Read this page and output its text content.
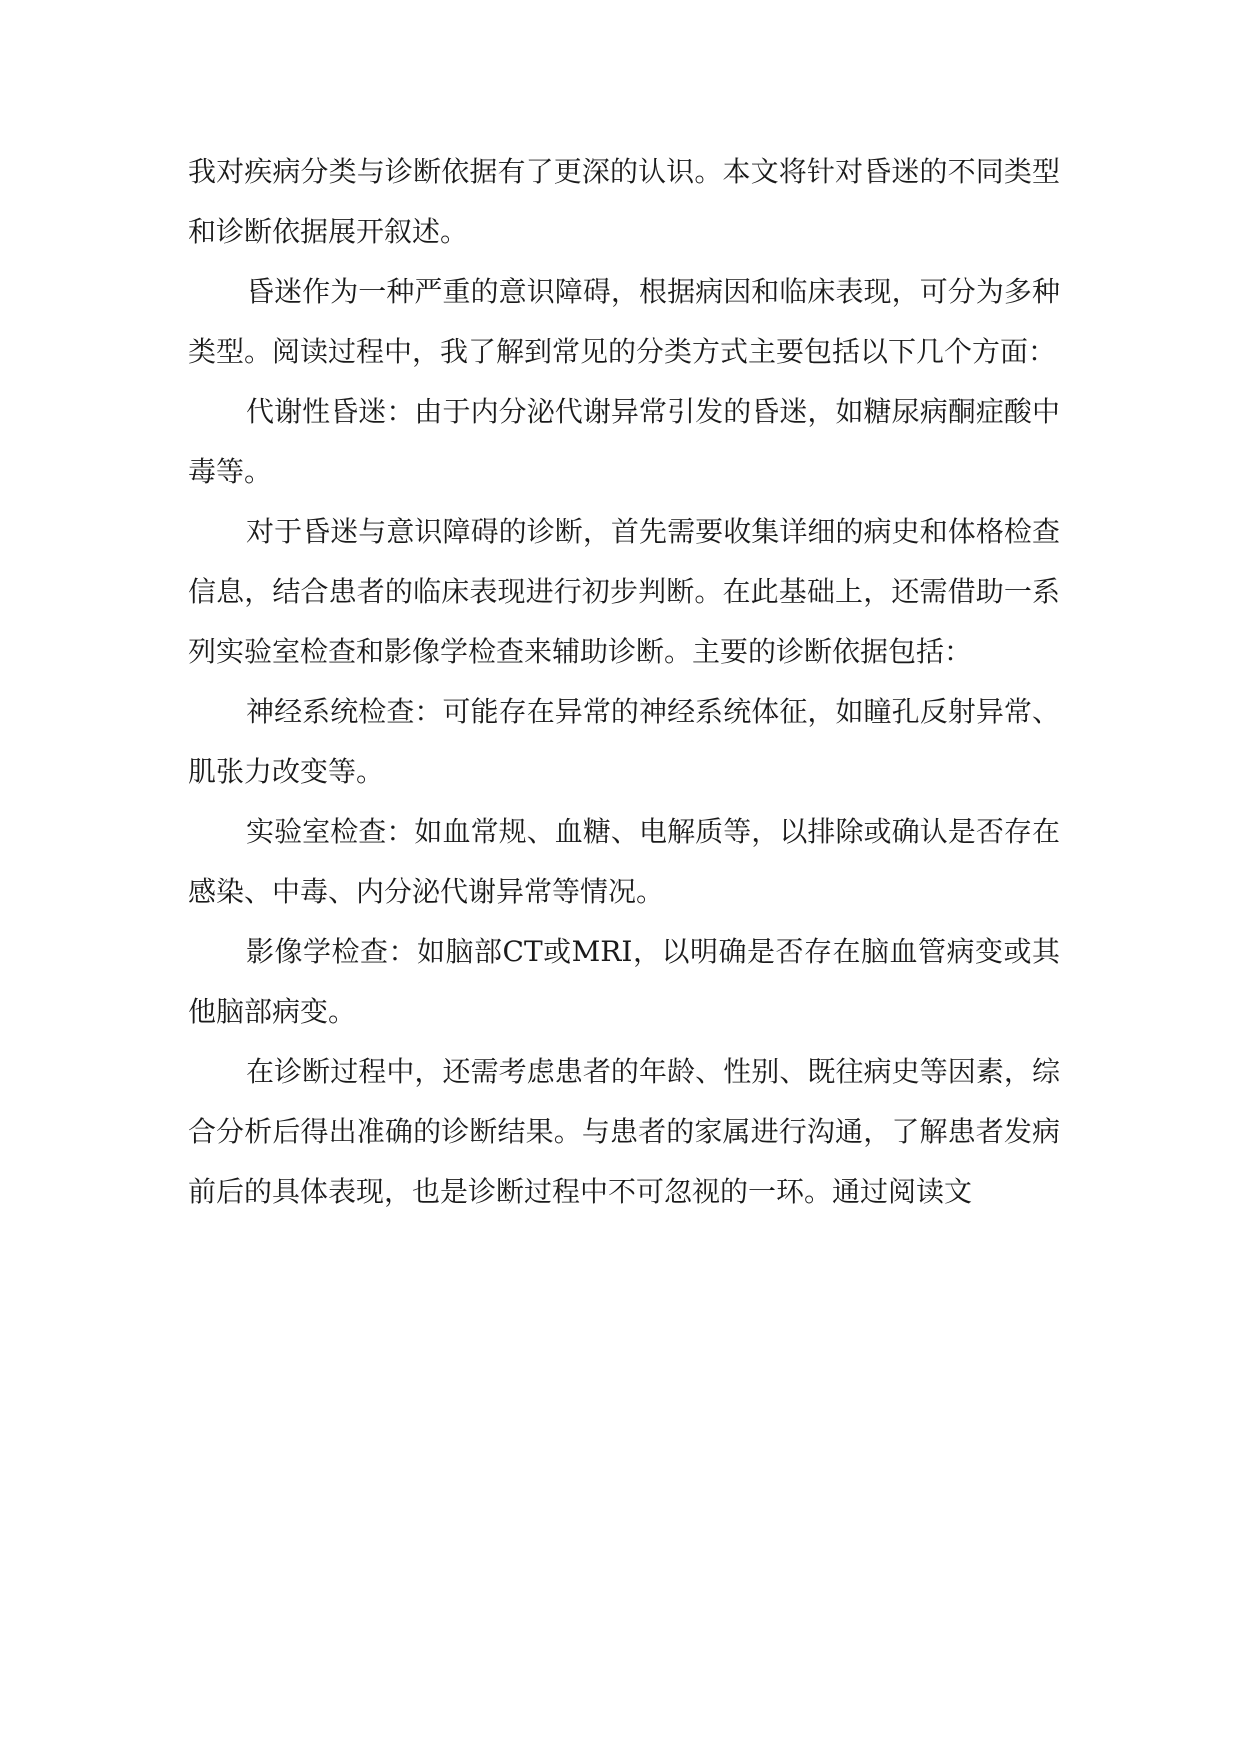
我对疾病分类与诊断依据有了更深的认识。本文将针对昏迷的不同类型和诊断依据展开叙述。

昏迷作为一种严重的意识障碍，根据病因和临床表现，可分为多种类型。阅读过程中，我了解到常见的分类方式主要包括以下几个方面：

代谢性昏迷：由于内分泌代谢异常引发的昏迷，如糖尿病酮症酸中毒等。

对于昏迷与意识障碍的诊断，首先需要收集详细的病史和体格检查信息，结合患者的临床表现进行初步判断。在此基础上，还需借助一系列实验室检查和影像学检查来辅助诊断。主要的诊断依据包括：

神经系统检查：可能存在异常的神经系统体征，如瞳孔反射异常、肌张力改变等。

实验室检查：如血常规、血糖、电解质等，以排除或确认是否存在感染、中毒、内分泌代谢异常等情况。

影像学检查：如脑部CT或MRI，以明确是否存在脑血管病变或其他脑部病变。

在诊断过程中，还需考虑患者的年龄、性别、既往病史等因素，综合分析后得出准确的诊断结果。与患者的家属进行沟通，了解患者发病前后的具体表现，也是诊断过程中不可忽视的一环。通过阅读文
